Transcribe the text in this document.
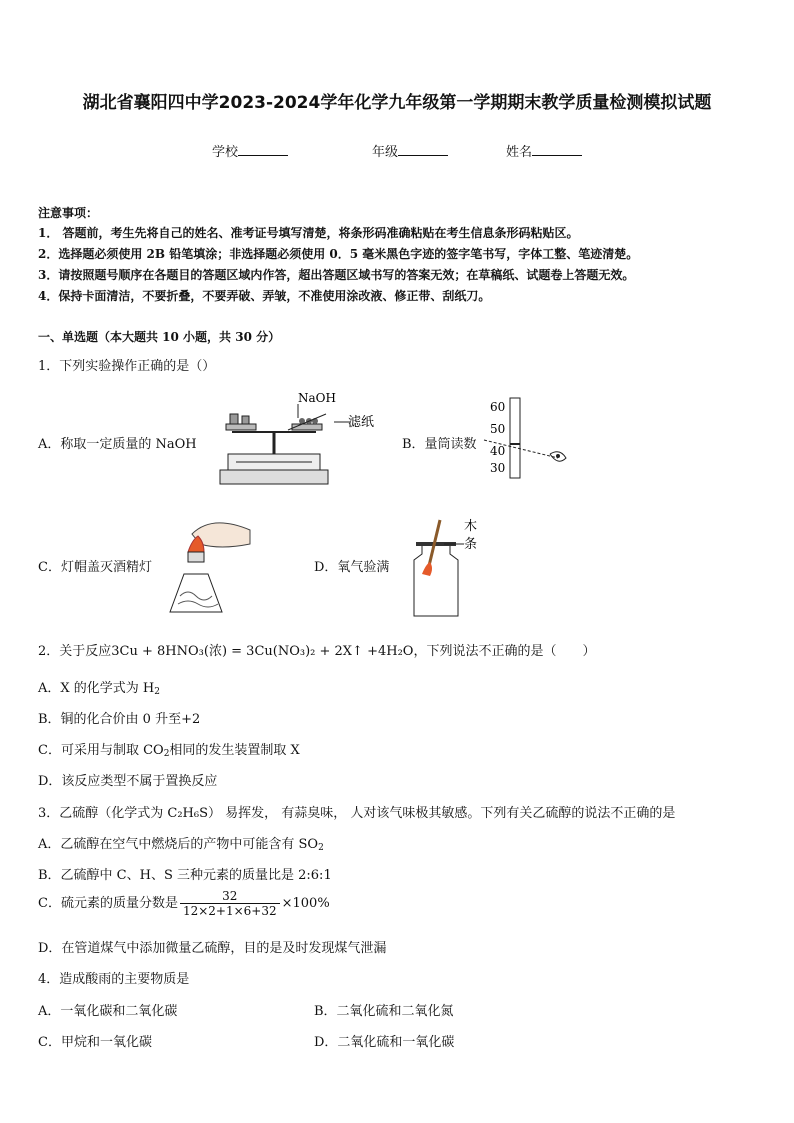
湖北省襄阳四中学2023-2024学年化学九年级第一学期期末教学质量检测模拟试题
学校	年级	姓名
注意事项：
1． 答题前，考生先将自己的姓名、准考证号填写清楚，将条形码准确粘贴在考生信息条形码粘贴区。
2．选择题必须使用 2B 铅笔填涂；非选择题必须使用 0．5 毫米黑色字迹的签字笔书写，字体工整、笔迹清楚。
3．请按照题号顺序在各题目的答题区域内作答，超出答题区域书写的答案无效；在草稿纸、试题卷上答题无效。
4．保持卡面清洁，不要折叠，不要弄破、弄皱，不准使用涂改液、修正带、刮纸刀。
一、单选题（本大题共 10 小题，共 30 分）
1．下列实验操作正确的是（）
A．称取一定质量的 NaOH
NaOH
滤纸
B．量筒读数
60
50
40
30
C．灯帽盖灭酒精灯	D．氧气验满
木
条
2．关于反应3Cu + 8HNO₃(浓) = 3Cu(NO₃)₂ + 2X↑ +4H₂O，下列说法不正确的是（　　）
A．X 的化学式为 $H_2$
B．铜的化合价由 0 升至+2
C．可采用与制取 $CO_2$相同的发生装置制取 X
D．该反应类型不属于置换反应
3．乙硫醇（化学式为 C₂H₆S） 易挥发， 有蒜臭味， 人对该气味极其敏感。下列有关乙硫醇的说法不正确的是
A．乙硫醇在空气中燃烧后的产物中可能含有 $SO_2$
B．乙硫醇中 C、H、S 三种元素的质量比是 2:6:1
C．硫元素的质量分数是 $\frac{32}{12\times 2+1\times 6+32} \times 100\%$
D．在管道煤气中添加微量乙硫醇，目的是及时发现煤气泄漏
4．造成酸雨的主要物质是
A．一氧化碳和二氧化碳	B．二氧化硫和二氧化氮
C．甲烷和一氧化碳	D．二氧化硫和一氧化碳
